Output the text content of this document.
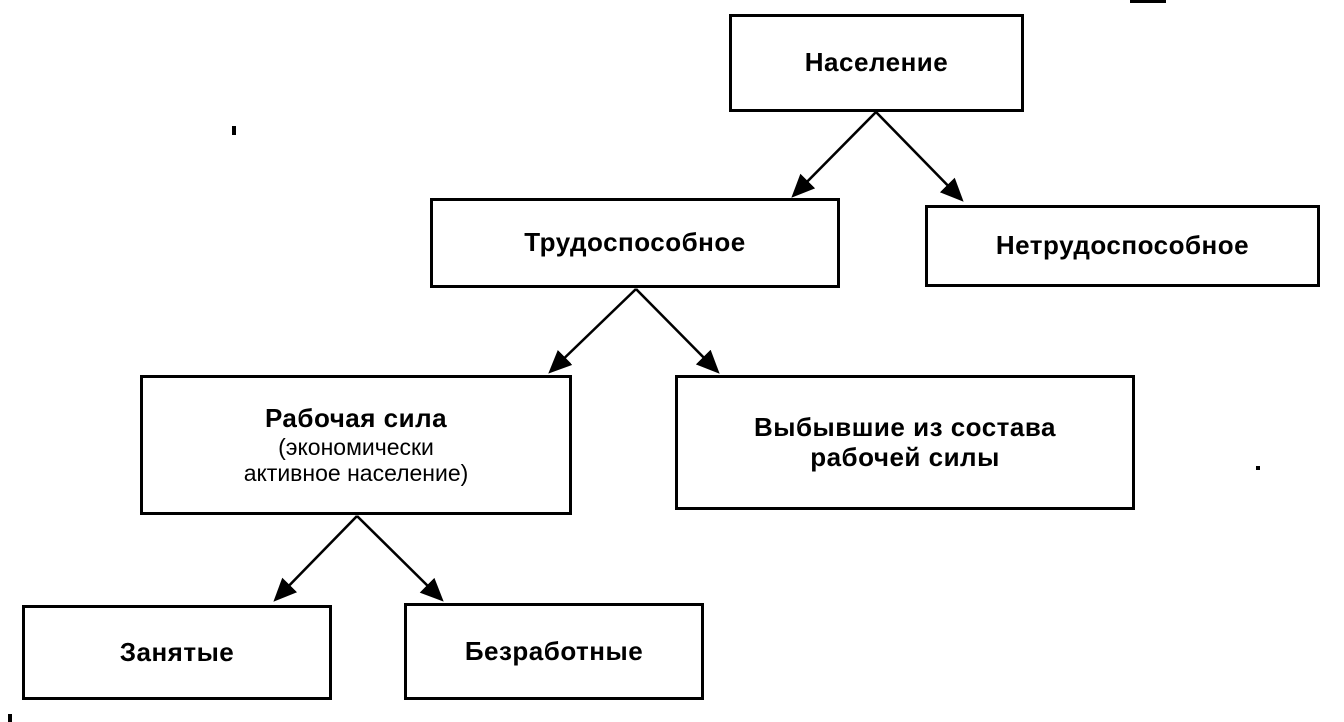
Население
Трудоспособное	Нетрудоспособное
Рабочая сила
(экономически
активное население)
Выбывшие из состава рабочей силы
Занятые	Безработные
